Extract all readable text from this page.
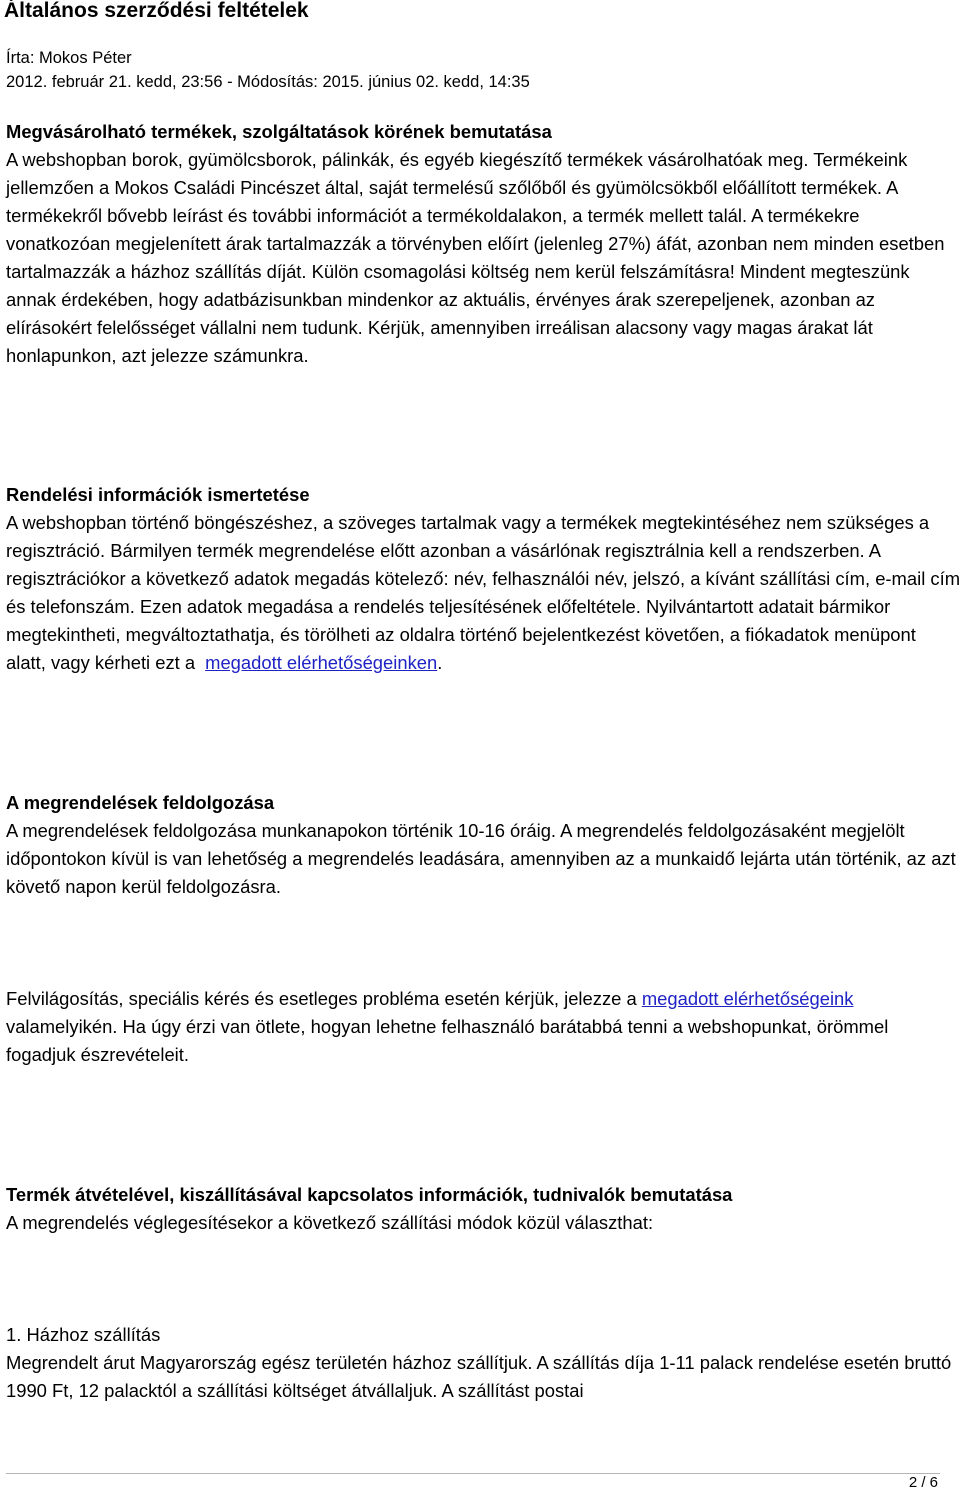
Általános szerződési feltételek
Írta: Mokos Péter
2012. február 21. kedd, 23:56 - Módosítás: 2015. június 02. kedd, 14:35

Megvásárolható termékek, szolgáltatások körének bemutatása
A webshopban borok, gyümölcsborok, pálinkák, és egyéb kiegészítő termékek vásárolhatóak meg. Termékeink jellemzően a Mokos Családi Pincészet által, saját termelésű szőlőből és gyümölcsökből előállított termékek. A termékekről bővebb leírást és további információt a termékoldalakon, a termék mellett talál. A termékekre vonatkozóan megjelenített árak tartalmazzák a törvényben előírt (jelenleg 27%) áfát, azonban nem minden esetben tartalmazzák a házhoz szállítás díját. Külön csomagolási költség nem kerül felszámításra! Mindent megteszünk annak érdekében, hogy adatbázisunkban mindenkor az aktuális, érvényes árak szerepeljenek, azonban az elírásokért felelősséget vállalni nem tudunk. Kérjük, amennyiben irreálisan alacsony vagy magas árakat lát honlapunkon, azt jelezze számunkra.

Rendelési információk ismertetése
A webshopban történő böngészéshez, a szöveges tartalmak vagy a termékek megtekintéséhez nem szükséges a regisztráció. Bármilyen termék megrendelése előtt azonban a vásárlónak regisztrálnia kell a rendszerben. A regisztrációkor a következő adatok megadás kötelező: név, felhasználói név, jelszó, a kívánt szállítási cím, e-mail cím és telefonszám. Ezen adatok megadása a rendelés teljesítésének előfeltétele. Nyilvántartott adatait bármikor megtekintheti, megváltoztathatja, és törölheti az oldalra történő bejelentkezést követően, a fiókadatok menüpont alatt, vagy kérheti ezt a megadott elérhetőségeinken.

A megrendelések feldolgozása
A megrendelések feldolgozása munkanapokon történik 10-16 óráig. A megrendelés feldolgozásaként megjelölt időpontokon kívül is van lehetőség a megrendelés leadására, amennyiben az a munkaidő lejárta után történik, az azt követő napon kerül feldolgozásra.

Felvilágosítás, speciális kérés és esetleges probléma esetén kérjük, jelezze a megadott elérhetőségeink
valamelyikén. Ha úgy érzi van ötlete, hogyan lehetne felhasználó barátabbá tenni a webshopunkat, örömmel fogadjuk észrevételeit.

Termék átvételével, kiszállításával kapcsolatos információk, tudnivalók bemutatása
A megrendelés véglegesítésekor a következő szállítási módok közül választhat:

1. Házhoz szállítás
Megrendelt árut Magyarország egész területén házhoz szállítjuk. A szállítás díja 1-11 palack rendelése esetén bruttó 1990 Ft, 12 palacktól a szállítási költséget átvállaljuk. A szállítást postai

2 / 6
